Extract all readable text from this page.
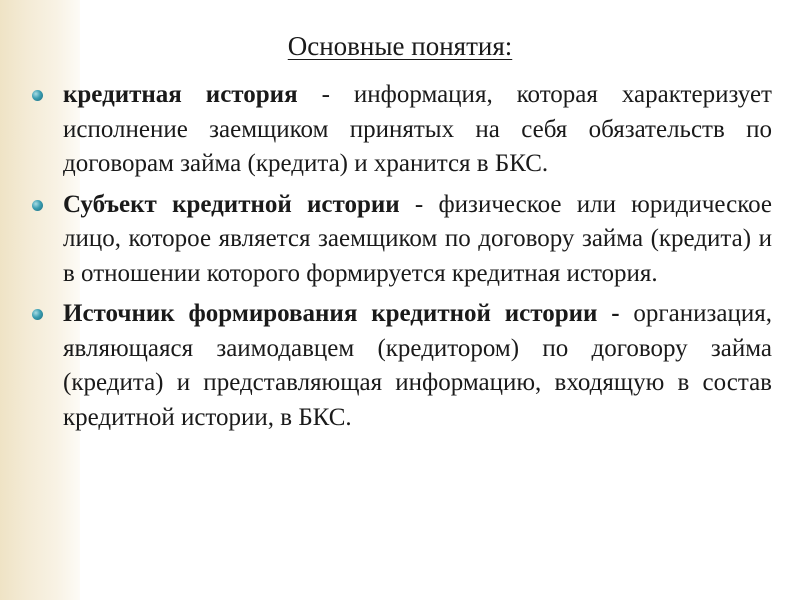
Основные понятия:
кредитная история - информация, которая характеризует исполнение заемщиком принятых на себя обязательств по договорам займа (кредита) и хранится в БКС.
Субъект кредитной истории - физическое или юридическое лицо, которое является заемщиком по договору займа (кредита) и в отношении которого формируется кредитная история.
Источник формирования кредитной истории - организация, являющаяся заимодавцем (кредитором) по договору займа (кредита) и представляющая информацию, входящую в состав кредитной истории, в БКС.
